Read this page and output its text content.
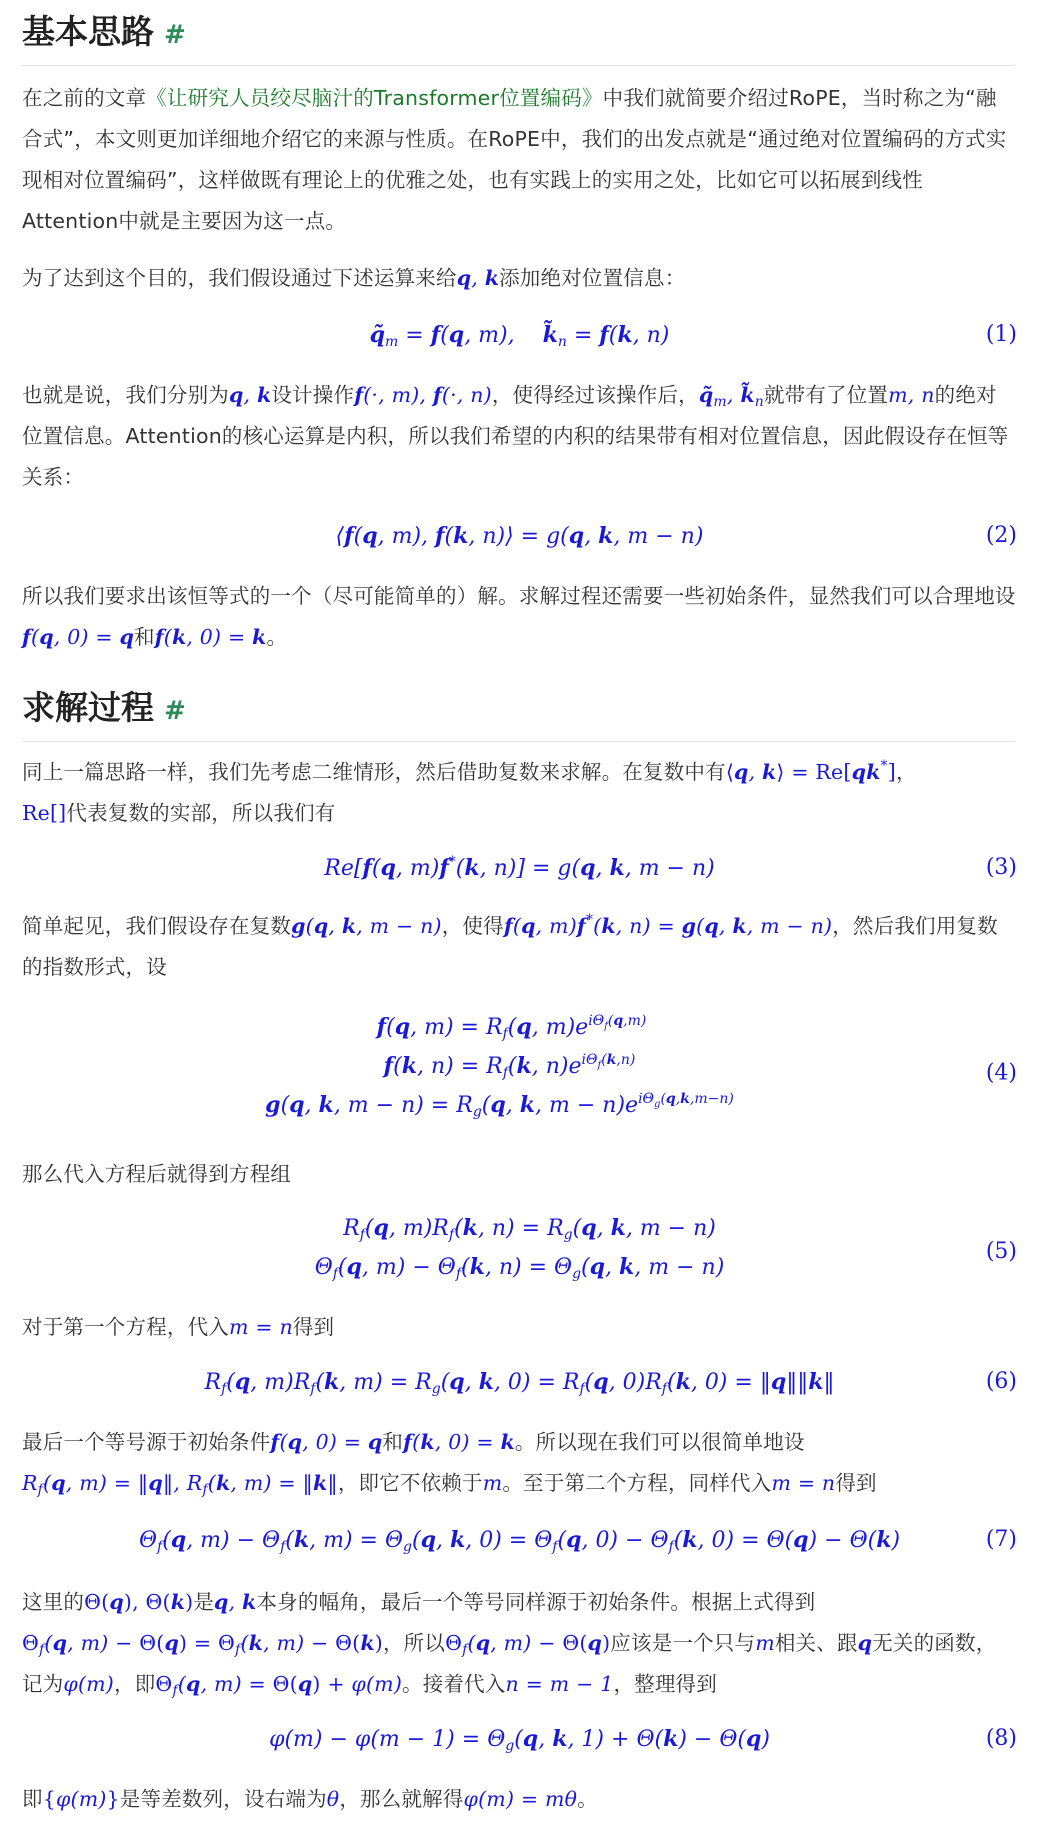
基本思路 #

在之前的文章《让研究人员绞尽脑汁的Transformer位置编码》中我们就简要介绍过RoPE，当时称之为“融合式”，本文则更加详细地介绍它的来源与性质。在RoPE中，我们的出发点就是“通过绝对位置编码的方式实现相对位置编码”，这样做既有理论上的优雅之处，也有实践上的实用之处，比如它可以拓展到线性Attention中就是主要因为这一点。

为了达到这个目的，我们假设通过下述运算来给q, k添加绝对位置信息：

$q̃_m = f(q$, m),    $k̃_n = f(k$, n)	(1)

也就是说，我们分别为q, k设计操作f(·, m), f(·, n)，使得经过该操作后，$q̃_m$, $k̃_n$就带有了位置m, n的绝对位置信息。Attention的核心运算是内积，所以我们希望的内积的结果带有相对位置信息，因此假设存在恒等关系：

⟨f(q, m), f(k, n)⟩ = g(q, k, m − n)	(2)

所以我们要求出该恒等式的一个（尽可能简单的）解。求解过程还需要一些初始条件，显然我们可以合理地设f(q, 0) = q和f(k, 0) = k。

求解过程 #

同上一篇思路一样，我们先考虑二维情形，然后借助复数来求解。在复数中有⟨q, k⟩ = Re[qk*]，
Re[]代表复数的实部，所以我们有

Re[f(q, m)f*(k, n)] = g(q, k, m − n)	(3)

简单起见，我们假设存在复数g(q, k, m − n)，使得f(q, m)f*(k, n) = g(q, k, m − n)，然后我们用复数的指数形式，设

f(q, $m) = R_f(q$, $m)e^{i\Theta_f(q,m)}$
f(k, $n) = R_f(k$, $n)e^{i\Theta_f(k,n)}$
g(q, k, $m - n) = R_g(q$, k, $m - n)e^{i\Theta_g(q,k,m-n)}$
(4)

那么代入方程后就得到方程组

$R_f(q$, $m)R_f(k$, $n) = R_g(q$, k, m − n)
$\Theta_f(q$, $m) - \Theta_f(k$, $n) = \Theta_g(q$, k, m − n)
(5)

对于第一个方程，代入m = n得到

$R_f(q$, $m)R_f(k$, $m) = R_g(q$, k, $0) = R_f(q$, $0)R_f(k$, 0) = ‖q‖‖k‖	(6)

最后一个等号源于初始条件f(q, 0) = q和f(k, 0) = k。所以现在我们可以很简单地设
$R_f(q$, m) = ‖q‖, $R_f(k$, m) = ‖k‖，即它不依赖于m。至于第二个方程，同样代入m = n得到

$\Theta_f(q$, $m) - \Theta_f(k$, $m) = \Theta_g(q$, k, $0) = \Theta_f(q$, $0) - \Theta_f(k$, 0) = Θ(q) − Θ(k)	(7)

这里的Θ(q), Θ(k)是q, k本身的幅角，最后一个等号同样源于初始条件。根据上式得到
$\Theta_f(q$, $m) - \Theta(q) = \Theta_f(k$, m) − Θ(k)，所以$\Theta_f(q$, m) − Θ(q)应该是一个只与m相关、跟q无关的函数，记为φ(m)，即$\Theta_f(q$, m) = Θ(q) + φ(m)。接着代入n = m − 1，整理得到

$\varphi(m) - \varphi(m - 1) = \Theta_g(q$, k, 1) + Θ(k) − Θ(q)	(8)

即{φ(m)}是等差数列，设右端为θ，那么就解得φ(m) = mθ。
